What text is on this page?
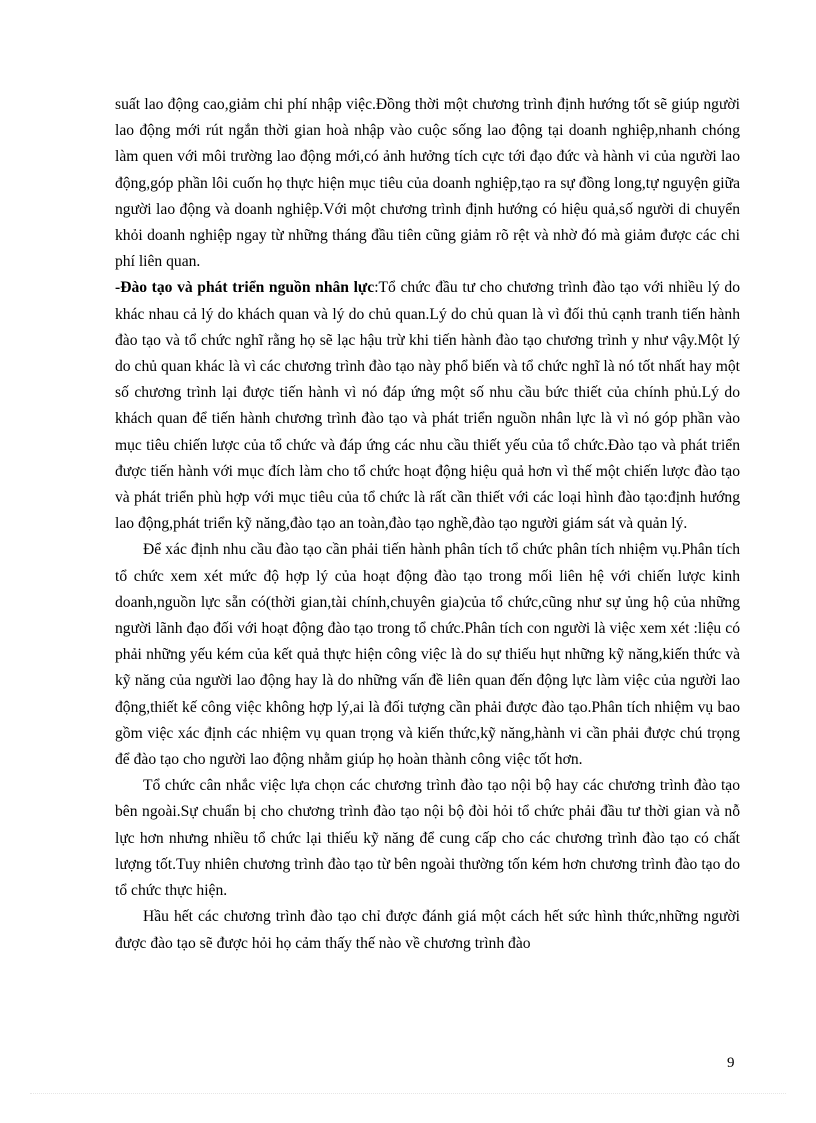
suất lao động cao,giảm chi phí nhập việc.Đồng thời một chương trình định hướng tốt sẽ giúp người lao động mới rút ngắn thời gian hoà nhập vào cuộc sống lao động tại doanh nghiệp,nhanh chóng làm quen với môi trường lao động mới,có ảnh hưởng tích cực tới đạo đức và hành vi của người lao động,góp phần lôi cuốn họ thực hiện mục tiêu của doanh nghiệp,tạo ra sự đồng long,tự nguyện giữa người lao động và doanh nghiệp.Với một chương trình định hướng có hiệu quả,số người di chuyển khỏi doanh nghiệp ngay từ những tháng đầu tiên cũng giảm rõ rệt và nhờ đó mà giảm được các chi phí liên quan.

-Đào tạo và phát triển nguồn nhân lực:Tổ chức đầu tư cho chương trình đào tạo với nhiều lý do khác nhau cả lý do khách quan và lý do chủ quan.Lý do chủ quan là vì đối thủ cạnh tranh tiến hành đào tạo và tổ chức nghĩ rằng họ sẽ lạc hậu trừ khi tiến hành đào tạo chương trình y như vậy.Một lý do chủ quan khác là vì các chương trình đào tạo này phổ biến và tổ chức nghĩ là nó tốt nhất hay một số chương trình lại được tiến hành vì nó đáp ứng một số nhu cầu bức thiết của chính phủ.Lý do khách quan để tiến hành chương trình đào tạo và phát triển nguồn nhân lực là vì nó góp phần vào mục tiêu chiến lược của tổ chức và đáp ứng các nhu cầu thiết yếu của tổ chức.Đào tạo và phát triển được tiến hành với mục đích làm cho tổ chức hoạt động hiệu quả hơn vì thế một chiến lược đào tạo và phát triển phù hợp với mục tiêu của tổ chức là rất cần thiết với các loại hình đào tạo:định hướng lao động,phát triển kỹ năng,đào tạo an toàn,đào tạo nghề,đào tạo người giám sát và quản lý.

Để xác định nhu cầu đào tạo cần phải tiến hành phân tích tổ chức phân tích nhiệm vụ.Phân tích tổ chức xem xét mức độ hợp lý của hoạt động đào tạo trong mối liên hệ với chiến lược kinh doanh,nguồn lực sẵn có(thời gian,tài chính,chuyên gia)của tổ chức,cũng như sự ủng hộ của những người lãnh đạo đối với hoạt động đào tạo trong tổ chức.Phân tích con người là việc xem xét :liệu có phải những yếu kém của kết quả thực hiện công việc là do sự thiếu hụt những kỹ năng,kiến thức và kỹ năng của người lao động hay là do những vấn đề liên quan đến động lực làm việc của người lao động,thiết kế công việc không hợp lý,ai là đối tượng cần phải được đào tạo.Phân tích nhiệm vụ bao gồm việc xác định các nhiệm vụ quan trọng và kiến thức,kỹ năng,hành vi cần phải được chú trọng để đào tạo cho người lao động nhằm giúp họ hoàn thành công việc tốt hơn.

Tổ chức cân nhắc việc lựa chọn các chương trình đào tạo nội bộ hay các chương trình đào tạo bên ngoài.Sự chuẩn bị cho chương trình đào tạo nội bộ đòi hỏi tổ chức phải đầu tư thời gian và nỗ lực hơn nhưng nhiều tổ chức lại thiếu kỹ năng để cung cấp cho các chương trình đào tạo có chất lượng tốt.Tuy nhiên chương trình đào tạo từ bên ngoài thường tốn kém hơn chương trình đào tạo do tổ chức thực hiện.

Hầu hết các chương trình đào tạo chỉ được đánh giá một cách hết sức hình thức,những người được đào tạo sẽ được hỏi họ cảm thấy thế nào về chương trình đào

9
